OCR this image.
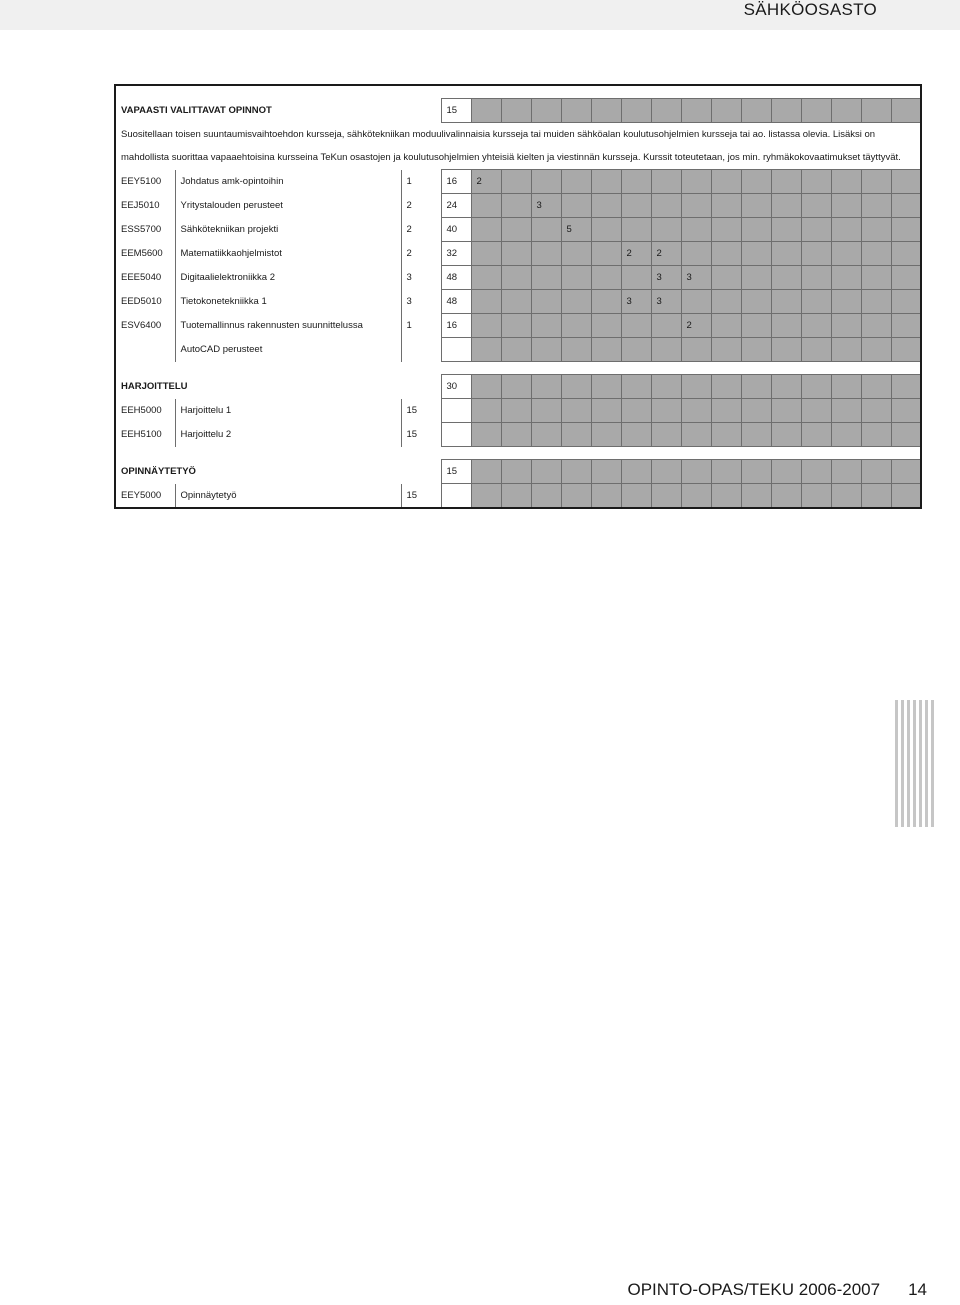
SÄHKÖOSASTO

VAPAASTI VALITTAVAT OPINNOT			15															
Suositellaan toisen suuntaumisvaihtoehdon kursseja, sähkötekniikan moduulivalinnaisia kursseja tai muiden sähköalan koulutusohjelmien kursseja tai ao. listassa olevia. Lisäksi on mahdollista suorittaa vapaaehtoisina kursseina TeKun osastojen ja koulutusohjelmien yhteisiä kielten ja viestinnän kursseja. Kurssit toteutetaan, jos min. ryhmäkokovaatimukset täyttyvät.																		
EEY5100	Johdatus amk-opintoihin	1	16	2														
EEJ5010	Yritystalouden perusteet	2	24			3												
ESS5700	Sähkötekniikan projekti	2	40				5											
EEM5600	Matematiikkaohjelmistot	2	32						2	2								
EEE5040	Digitaalielektroniikka 2	3	48							3	3							
EED5010	Tietokonetekniikka 1	3	48						3	3								
ESV6400	Tuotemallinnus rakennusten suunnittelussa	1	16								2							
	AutoCAD perusteet																	

HARJOITTELU			30															
EEH5000	Harjoittelu 1	15																
EEH5100	Harjoittelu 2	15																

OPINNÄYTETYÖ			15															
EEY5000	Opinnäytetyö	15																
OPINTO-OPAS/TEKU 2006-2007 14
